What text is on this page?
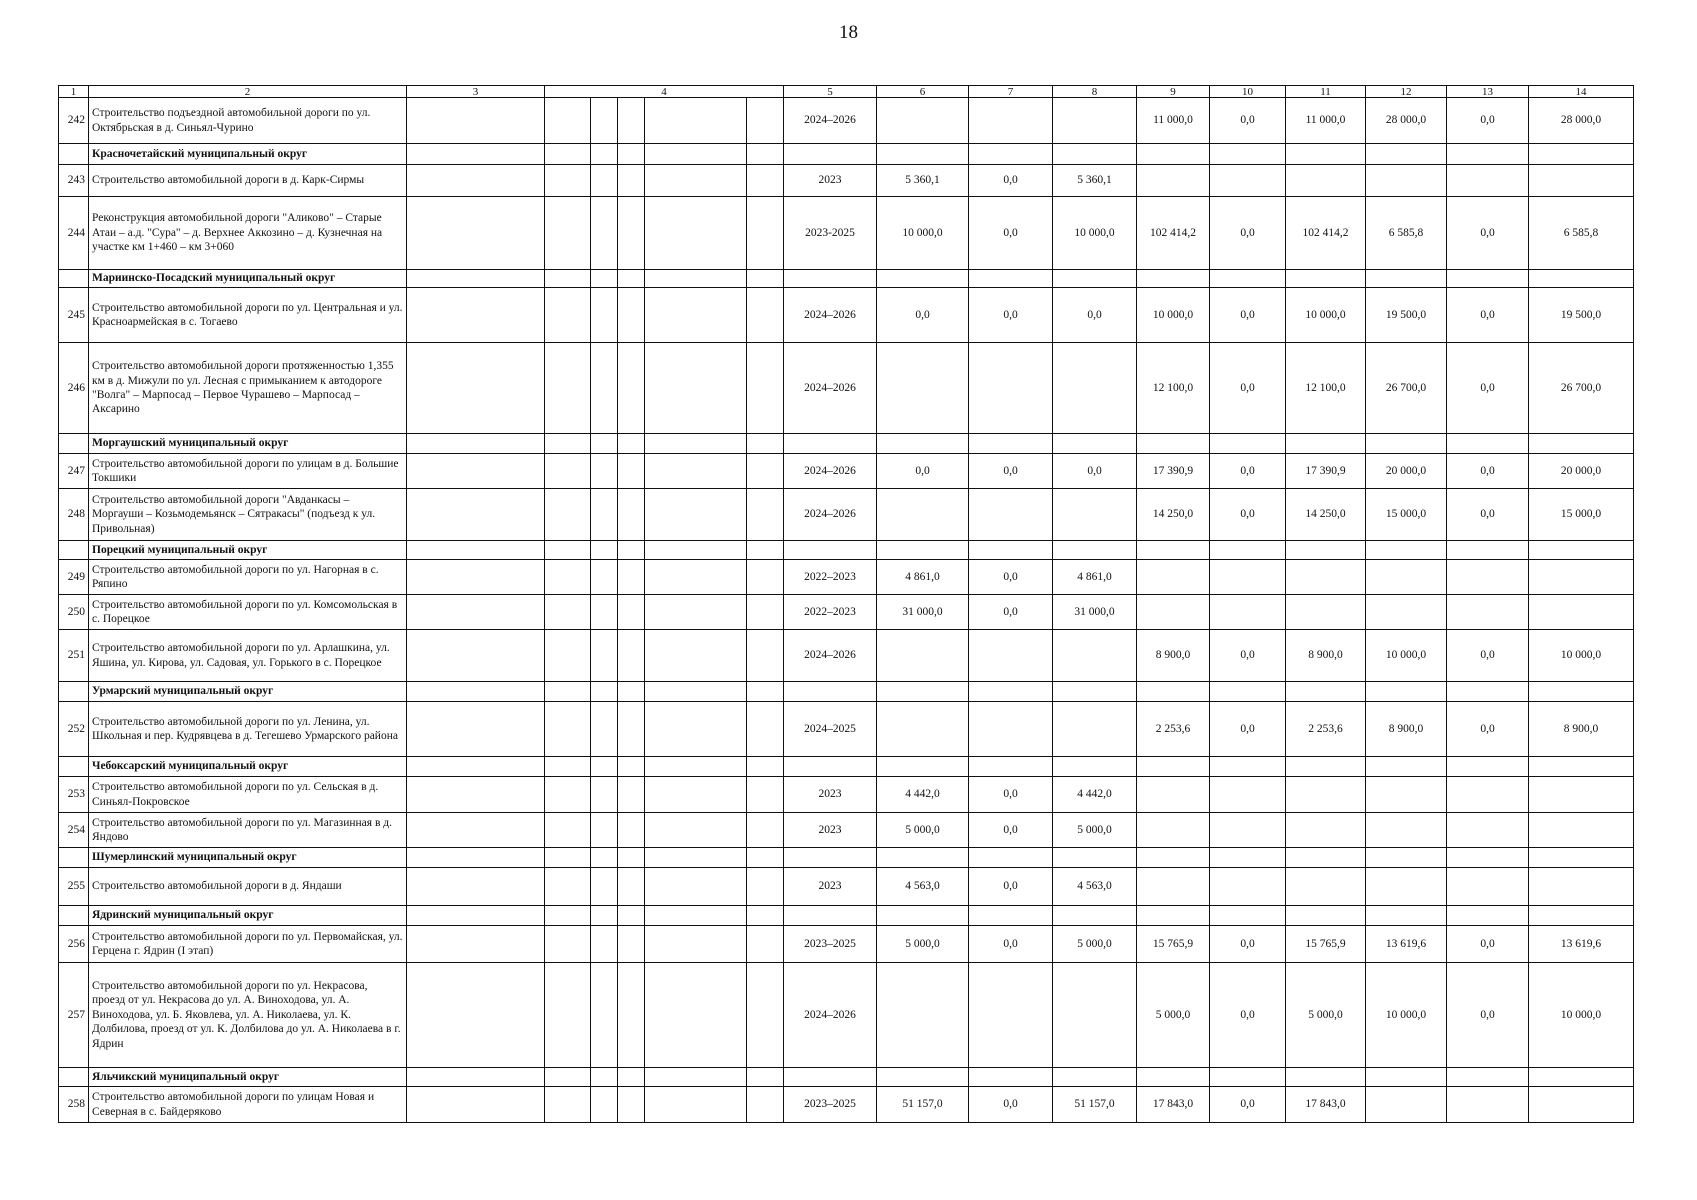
18
1	2	3	4					5	6	7	8	9	10	11	12	13	14
242	Строительство подъездной автомобильной дороги по ул. Октябрьская в д. Синьял-Чурино							2024–2026				11 000,0	0,0	11 000,0	28 000,0	0,0	28 000,0
	Красночетайский муниципальный округ																
243	Строительство автомобильной дороги в д. Карк-Сирмы							2023	5 360,1	0,0	5 360,1						
244	Реконструкция автомобильной дороги "Аликово" – Старые Атаи – а.д. "Сура" – д. Верхнее Аккозино – д. Кузнечная на участке км 1+460 – км 3+060							2023-2025	10 000,0	0,0	10 000,0	102 414,2	0,0	102 414,2	6 585,8	0,0	6 585,8
	Мариинско-Посадский муниципальный округ																
245	Строительство автомобильной дороги по ул. Центральная и ул. Красноармейская в с. Тогаево							2024–2026	0,0	0,0	0,0	10 000,0	0,0	10 000,0	19 500,0	0,0	19 500,0
246	Строительство автомобильной дороги протяженностью 1,355 км в д. Мижули по ул. Лесная с примыканием к автодороге "Волга" – Марпосад – Первое Чурашево – Марпосад – Аксарино							2024–2026				12 100,0	0,0	12 100,0	26 700,0	0,0	26 700,0
	Моргаушский муниципальный округ																
247	Строительство автомобильной дороги по улицам в д. Большие Токшики							2024–2026	0,0	0,0	0,0	17 390,9	0,0	17 390,9	20 000,0	0,0	20 000,0
248	Строительство автомобильной дороги "Авданкасы – Моргауши – Козьмодемьянск – Сятракасы" (подъезд к ул. Привольная)							2024–2026				14 250,0	0,0	14 250,0	15 000,0	0,0	15 000,0
	Порецкий муниципальный округ																
249	Строительство автомобильной дороги по ул. Нагорная в с. Ряпино							2022–2023	4 861,0	0,0	4 861,0						
250	Строительство автомобильной дороги по ул. Комсомольская в с. Порецкое							2022–2023	31 000,0	0,0	31 000,0						
251	Строительство автомобильной дороги по ул. Арлашкина, ул. Яшина, ул. Кирова, ул. Садовая, ул. Горького в с. Порецкое							2024–2026				8 900,0	0,0	8 900,0	10 000,0	0,0	10 000,0
	Урмарский муниципальный округ																
252	Строительство автомобильной дороги по ул. Ленина, ул. Школьная и пер. Кудрявцева в д. Тегешево Урмарского района							2024–2025				2 253,6	0,0	2 253,6	8 900,0	0,0	8 900,0
	Чебоксарский муниципальный округ																
253	Строительство автомобильной дороги по ул. Сельская в д. Синьял-Покровское							2023	4 442,0	0,0	4 442,0						
254	Строительство автомобильной дороги по ул. Магазинная в д. Яндово							2023	5 000,0	0,0	5 000,0						
	Шумерлинский муниципальный округ																
255	Строительство автомобильной дороги в д. Яндаши							2023	4 563,0	0,0	4 563,0						
	Ядринский муниципальный округ																
256	Строительство автомобильной дороги по ул. Первомайская, ул. Герцена г. Ядрин (I этап)							2023–2025	5 000,0	0,0	5 000,0	15 765,9	0,0	15 765,9	13 619,6	0,0	13 619,6
257	Строительство автомобильной дороги по ул. Некрасова, проезд от ул. Некрасова до ул. А. Виноходова, ул. А. Виноходова, ул. Б. Яковлева, ул. А. Николаева, ул. К. Долбилова, проезд от ул. К. Долбилова до ул. А. Николаева в г. Ядрин							2024–2026				5 000,0	0,0	5 000,0	10 000,0	0,0	10 000,0
	Яльчикский муниципальный округ																
258	Строительство автомобильной дороги по улицам Новая и Северная в с. Байдеряково							2023–2025	51 157,0	0,0	51 157,0	17 843,0	0,0	17 843,0			
